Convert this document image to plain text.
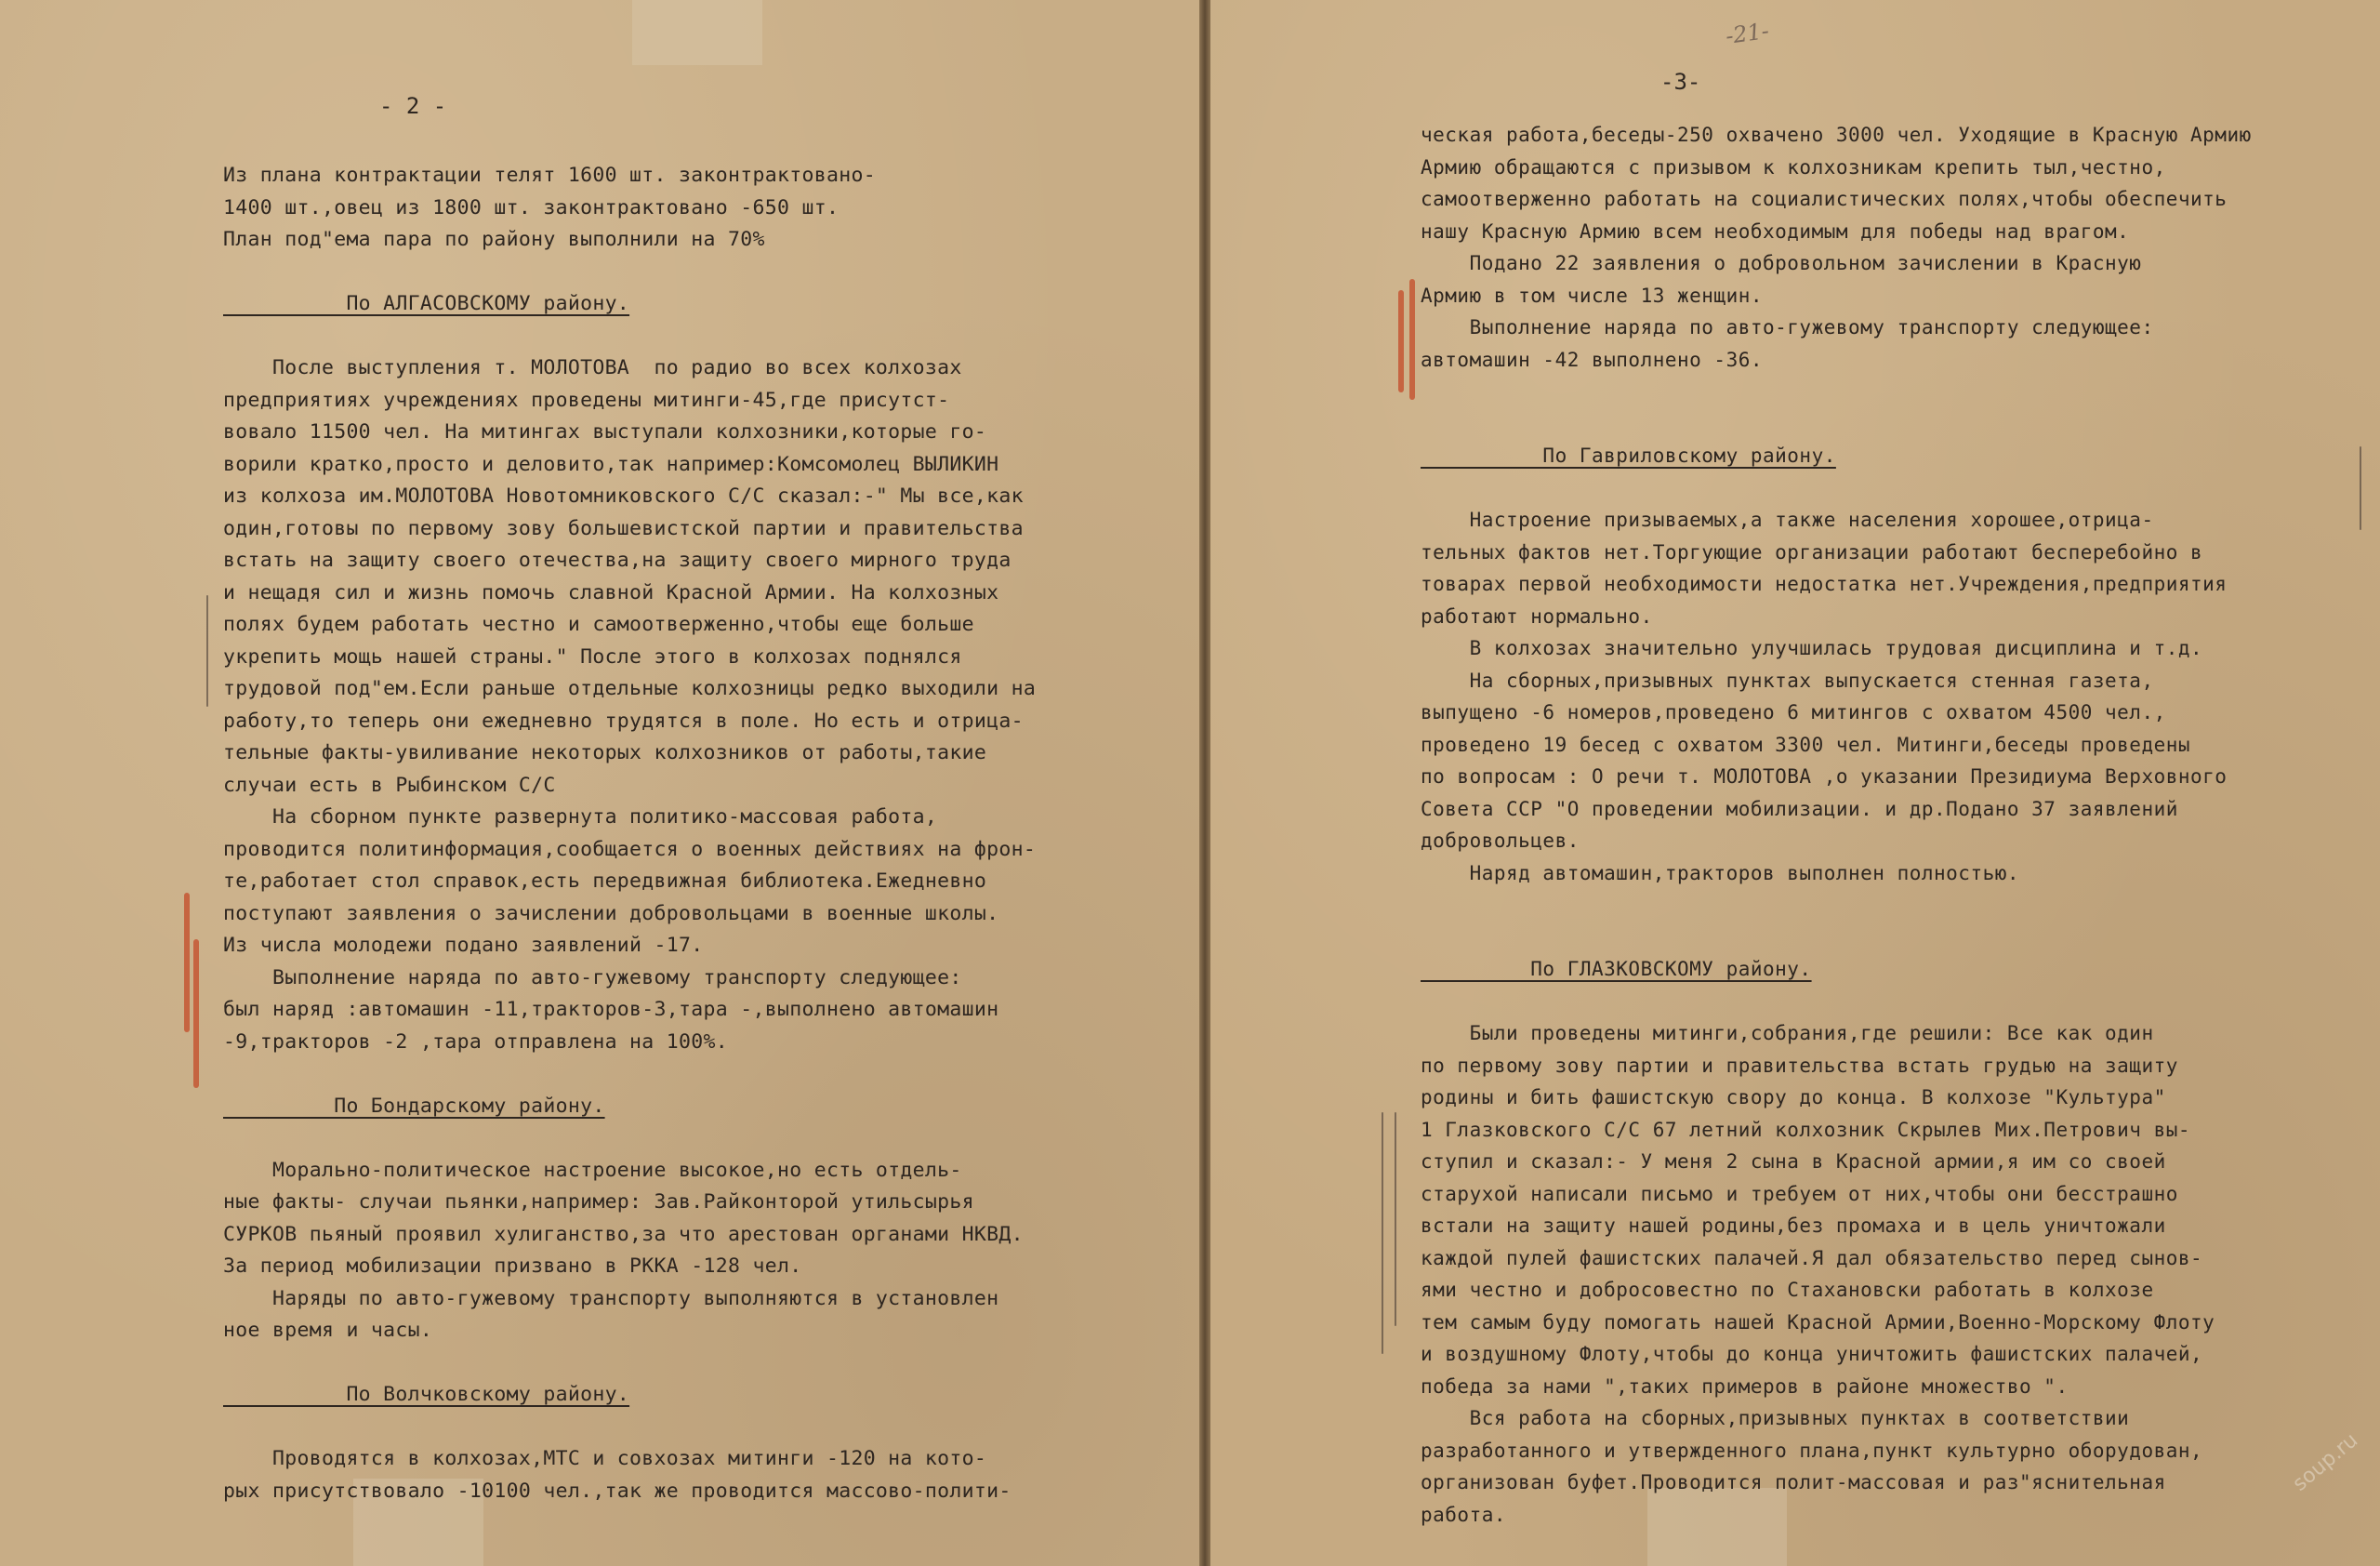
- 2 -
-3-
-21-
Из плана контрактации телят 1600 шт. законтрактовано-
1400 шт.,овец из 1800 шт. законтрактовано -650 шт.
План под"ема пара по району выполнили на 70%

По АЛГАСОВСКОМУ району.

После выступления т. МОЛОТОВА  по радио во всех колхозах
предприятиях учреждениях проведены митинги-45,где присутст-
вовало 11500 чел. На митингах выступали колхозники,которые го-
ворили кратко,просто и деловито,так например:Комсомолец ВЫЛИКИН
из колхоза им.МОЛОТОВА Новотомниковского С/С сказал:-" Мы все,как
один,готовы по первому зову большевистской партии и правительства
встать на защиту своего отечества,на защиту своего мирного труда
и нещадя сил и жизнь помочь славной Красной Армии. На колхозных
полях будем работать честно и самоотверженно,чтобы еще больше
укрепить мощь нашей страны." После этого в колхозах поднялся
трудовой под"ем.Если раньше отдельные колхозницы редко выходили на
работу,то теперь они ежедневно трудятся в поле. Но есть и отрица-
тельные факты-увиливание некоторых колхозников от работы,такие
случаи есть в Рыбинском С/С
На сборном пункте развернута политико-массовая работа,
проводится политинформация,сообщается о военных действиях на фрон-
те,работает стол справок,есть передвижная библиотека.Ежедневно
поступают заявления о зачислении добровольцами в военные школы.
Из числа молодежи подано заявлений -17.
Выполнение наряда по авто-гужевому транспорту следующее:
был наряд :автомашин -11,тракторов-3,тара -,выполнено автомашин
-9,тракторов -2 ,тара отправлена на 100%.

По Бондарскому району.

Морально-политическое настроение высокое,но есть отдель-
ные факты- случаи пьянки,например: Зав.Райконторой утильсырья
СУРКОВ пьяный проявил хулиганство,за что арестован органами НКВД.
За период мобилизации призвано в РККА -128 чел.
Наряды по авто-гужевому транспорту выполняются в установлен
ное время и часы.

По Волчковскому району.

Проводятся в колхозах,МТС и совхозах митинги -120 на кото-
рых присутствовало -10100 чел.,так же проводится массово-полити-
ческая работа,беседы-250 охвачено 3000 чел. Уходящие в Красную Армию
Армию обращаются с призывом к колхозникам крепить тыл,честно,
самоотверженно работать на социалистических полях,чтобы обеспечить
нашу Красную Армию всем необходимым для победы над врагом.
Подано 22 заявления о добровольном зачислении в Красную
Армию в том числе 13 женщин.
Выполнение наряда по авто-гужевому транспорту следующее:
автомашин -42 выполнено -36.

По Гавриловскому району.

Настроение призываемых,а также населения хорошее,отрица-
тельных фактов нет.Торгующие организации работают бесперебойно в
товарах первой необходимости недостатка нет.Учреждения,предприятия
работают нормально.
В колхозах значительно улучшилась трудовая дисциплина и т.д.
На сборных,призывных пунктах выпускается стенная газета,
выпущено -6 номеров,проведено 6 митингов с охватом 4500 чел.,
проведено 19 бесед с охватом 3300 чел. Митинги,беседы проведены
по вопросам : О речи т. МОЛОТОВА ,о указании Президиума Верховного
Совета ССР "О проведении мобилизации. и др.Подано 37 заявлений
добровольцев.
Наряд автомашин,тракторов выполнен полностью.

По ГЛАЗКОВСКОМУ району.

Были проведены митинги,собрания,где решили: Все как один
по первому зову партии и правительства встать грудью на защиту
родины и бить фашистскую свору до конца. В колхозе "Культура"
1 Глазковского С/С 67 летний колхозник Скрылев Мих.Петрович вы-
ступил и сказал:- У меня 2 сына в Красной армии,я им со своей
старухой написали письмо и требуем от них,чтобы они бесстрашно
встали на защиту нашей родины,без промаха и в цель уничтожали
каждой пулей фашистских палачей.Я дал обязательство перед сынов-
ями честно и добросовестно по Стахановски работать в колхозе
тем самым буду помогать нашей Красной Армии,Военно-Морскому Флоту
и воздушному Флоту,чтобы до конца уничтожить фашистских палачей,
победа за нами ",таких примеров в районе множество ".
Вся работа на сборных,призывных пунктах в соответствии
разработанного и утвержденного плана,пункт культурно оборудован,
организован буфет.Проводится полит-массовая и раз"яснительная
работа.
soup.ru
